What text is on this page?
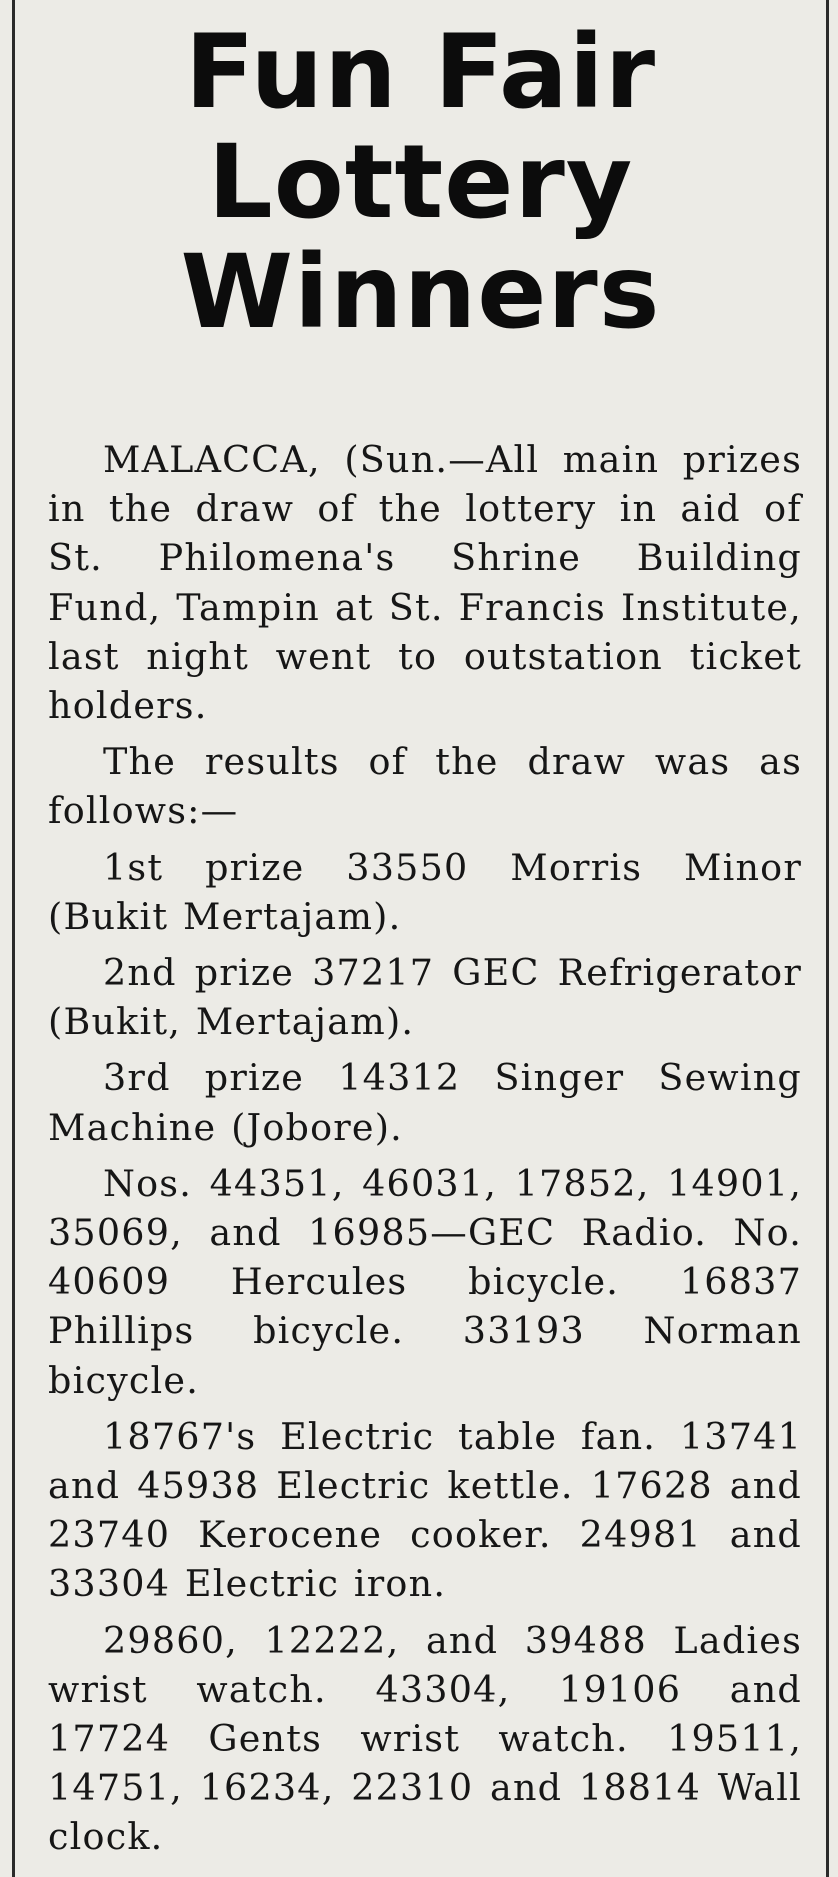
Fun Fair
Lottery
Winners

MALACCA, (Sun.—All main prizes in the draw of the lottery in aid of St. Philomena's Shrine Building Fund, Tampin at St. Francis Institute, last night went to outstation ticket holders.

The results of the draw was as follows:—

1st prize 33550 Morris Minor (Bukit Mertajam).

2nd prize 37217 GEC Refrigerator (Bukit, Mertajam).

3rd prize 14312 Singer Sewing Machine (Jobore).

Nos. 44351, 46031, 17852, 14901, 35069, and 16985—GEC Radio. No. 40609 Hercules bicycle. 16837 Phillips bicycle. 33193 Norman bicycle.

18767's Electric table fan. 13741 and 45938 Electric kettle. 17628 and 23740 Kerocene cooker. 24981 and 33304 Electric iron.

29860, 12222, and 39488 Ladies wrist watch. 43304, 19106 and 17724 Gents wrist watch. 19511, 14751, 16234, 22310 and 18814 Wall clock.
